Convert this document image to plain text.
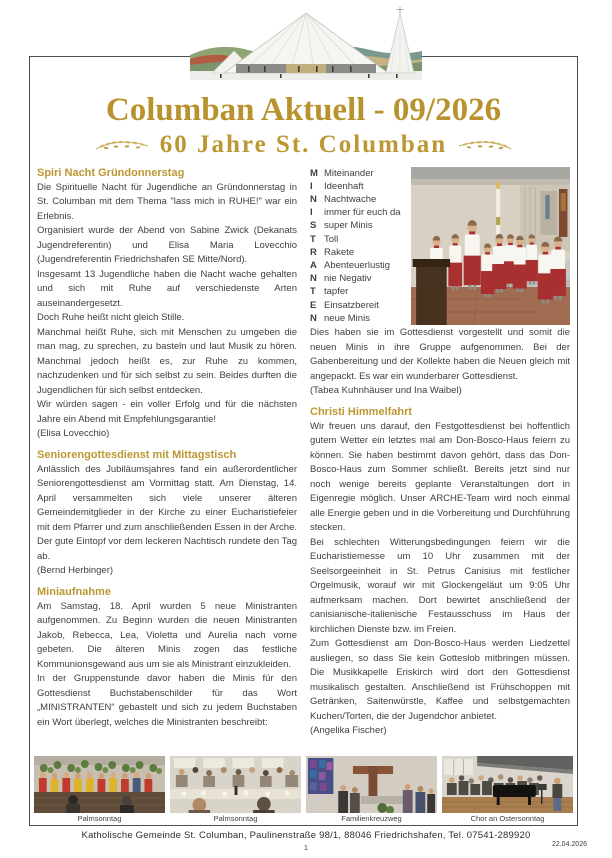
Columban Aktuell - 09/2026
60 Jahre St. Columban
Spiri Nacht Gründonnerstag

Die Spirituelle Nacht für Jugendliche an Gründonnerstag in St. Columban mit dem Thema "lass mich in RUHE!" war ein Erlebnis.

Organisiert wurde der Abend von Sabine Zwick (Dekanats Jugendreferentin) und Elisa Maria Lovecchio (Jugendreferentin Friedrichshafen SE Mitte/Nord).

Insgesamt 13 Jugendliche haben die Nacht wache gehalten und sich mit Ruhe auf verschiedenste Arten auseinandergesetzt.

Doch Ruhe heißt nicht gleich Stille.

Manchmal heißt Ruhe, sich mit Menschen zu umgeben die man mag, zu sprechen, zu basteln und laut Musik zu hören. Manchmal jedoch heißt es, zur Ruhe zu kommen, nachzudenken und für sich selbst zu sein. Beides durften die Jugendlichen für sich selbst entdecken.

Wir würden sagen - ein voller Erfolg und für die nächsten Jahre ein Abend mit Empfehlungsgarantie!

(Elisa Lovecchio)

Seniorengottesdienst mit Mittagstisch

Anlässlich des Jubiläumsjahres fand ein außerordentlicher Seniorengottesdienst am Vormittag statt. Am Dienstag, 14. April versammelten sich viele unserer älteren Gemeindemitglieder in der Kirche zu einer Eucharistiefeier mit dem Pfarrer und zum anschließenden Essen in der Arche. Der gute Eintopf vor dem leckeren Nachtisch rundete den Tag ab.

(Bernd Herbinger)

Miniaufnahme

Am Samstag, 18. April wurden 5 neue Ministranten aufgenommen. Zu Beginn wurden die neuen Ministranten Jakob, Rebecca, Lea, Violetta und Aurelia nach vorne gebeten. Die älteren Minis zogen das festliche Kommunionsgewand aus um sie als Ministrant einzukleiden.

In der Gruppenstunde davor haben die Minis für den Gottesdienst Buchstabenschilder für das Wort „MINISTRANTEN“ gebastelt und sich zu jedem Buchstaben ein Wort überlegt, welches die Ministranten beschreibt:

M Miteinander
I	Ideenhaft
N Nachtwache
I	immer für euch da
S super Minis
T Toll
R Rakete
A Abenteuerlustig
N nie Negativ
T tapfer
E Einsatzbereit
N neue Minis

Dies haben sie im Gottesdienst vorgestellt und somit die neuen Minis in ihre Gruppe aufgenommen. Bei der Gabenbereitung und der Kollekte haben die Neuen gleich mit angepackt. Es war ein wunderbarer Gottesdienst.

(Tabea Kuhnhäuser und Ina Waibel)

Christi Himmelfahrt

Wir freuen uns darauf, den Festgottesdienst bei hoffentlich gutem Wetter ein letztes mal am Don-Bosco-Haus feiern zu können. Sie haben bestimmt davon gehört, dass das Don-Bosco-Haus zum Sommer schließt. Bereits jetzt sind nur noch wenige bereits geplante Veranstaltungen dort in Eigenregie möglich. Unser ARCHE-Team wird noch einmal alle Energie geben und in die Vorbereitung und Durchführung stecken.

Bei schlechten Witterungsbedingungen feiern wir die Eucharistiemesse um 10 Uhr zusammen mit der Seelsorgeeinheit in St. Petrus Canisius mit festlicher Orgelmusik, worauf wir mit Glockengeläut um 9:05 Uhr aufmerksam machen. Dort bewirtet anschließend der canisianische-italienische Festausschuss im Haus der kirchlichen Dienste bzw. im Freien.

Zum Gottesdienst am Don-Bosco-Haus werden Liedzettel ausliegen, so dass Sie kein Gotteslob mitbringen müssen. Die Musikkapelle Eriskirch wird dort den Gottesdienst musikalisch gestalten. Anschließend ist Frühschoppen mit Getränken, Saitenwürstle, Kaffee und selbstgemachten Kuchen/Torten, die der Jugendchor anbietet.

(Angelika Fischer)

Palmsonntag	Palmsonntag	Familienkreuzweg	Chor an Ostersonntag
Katholische Gemeinde St. Columban, Paulinenstraße 98/1, 88046 Friedrichshafen, Tel. 07541-289920
1	22.04.2026
